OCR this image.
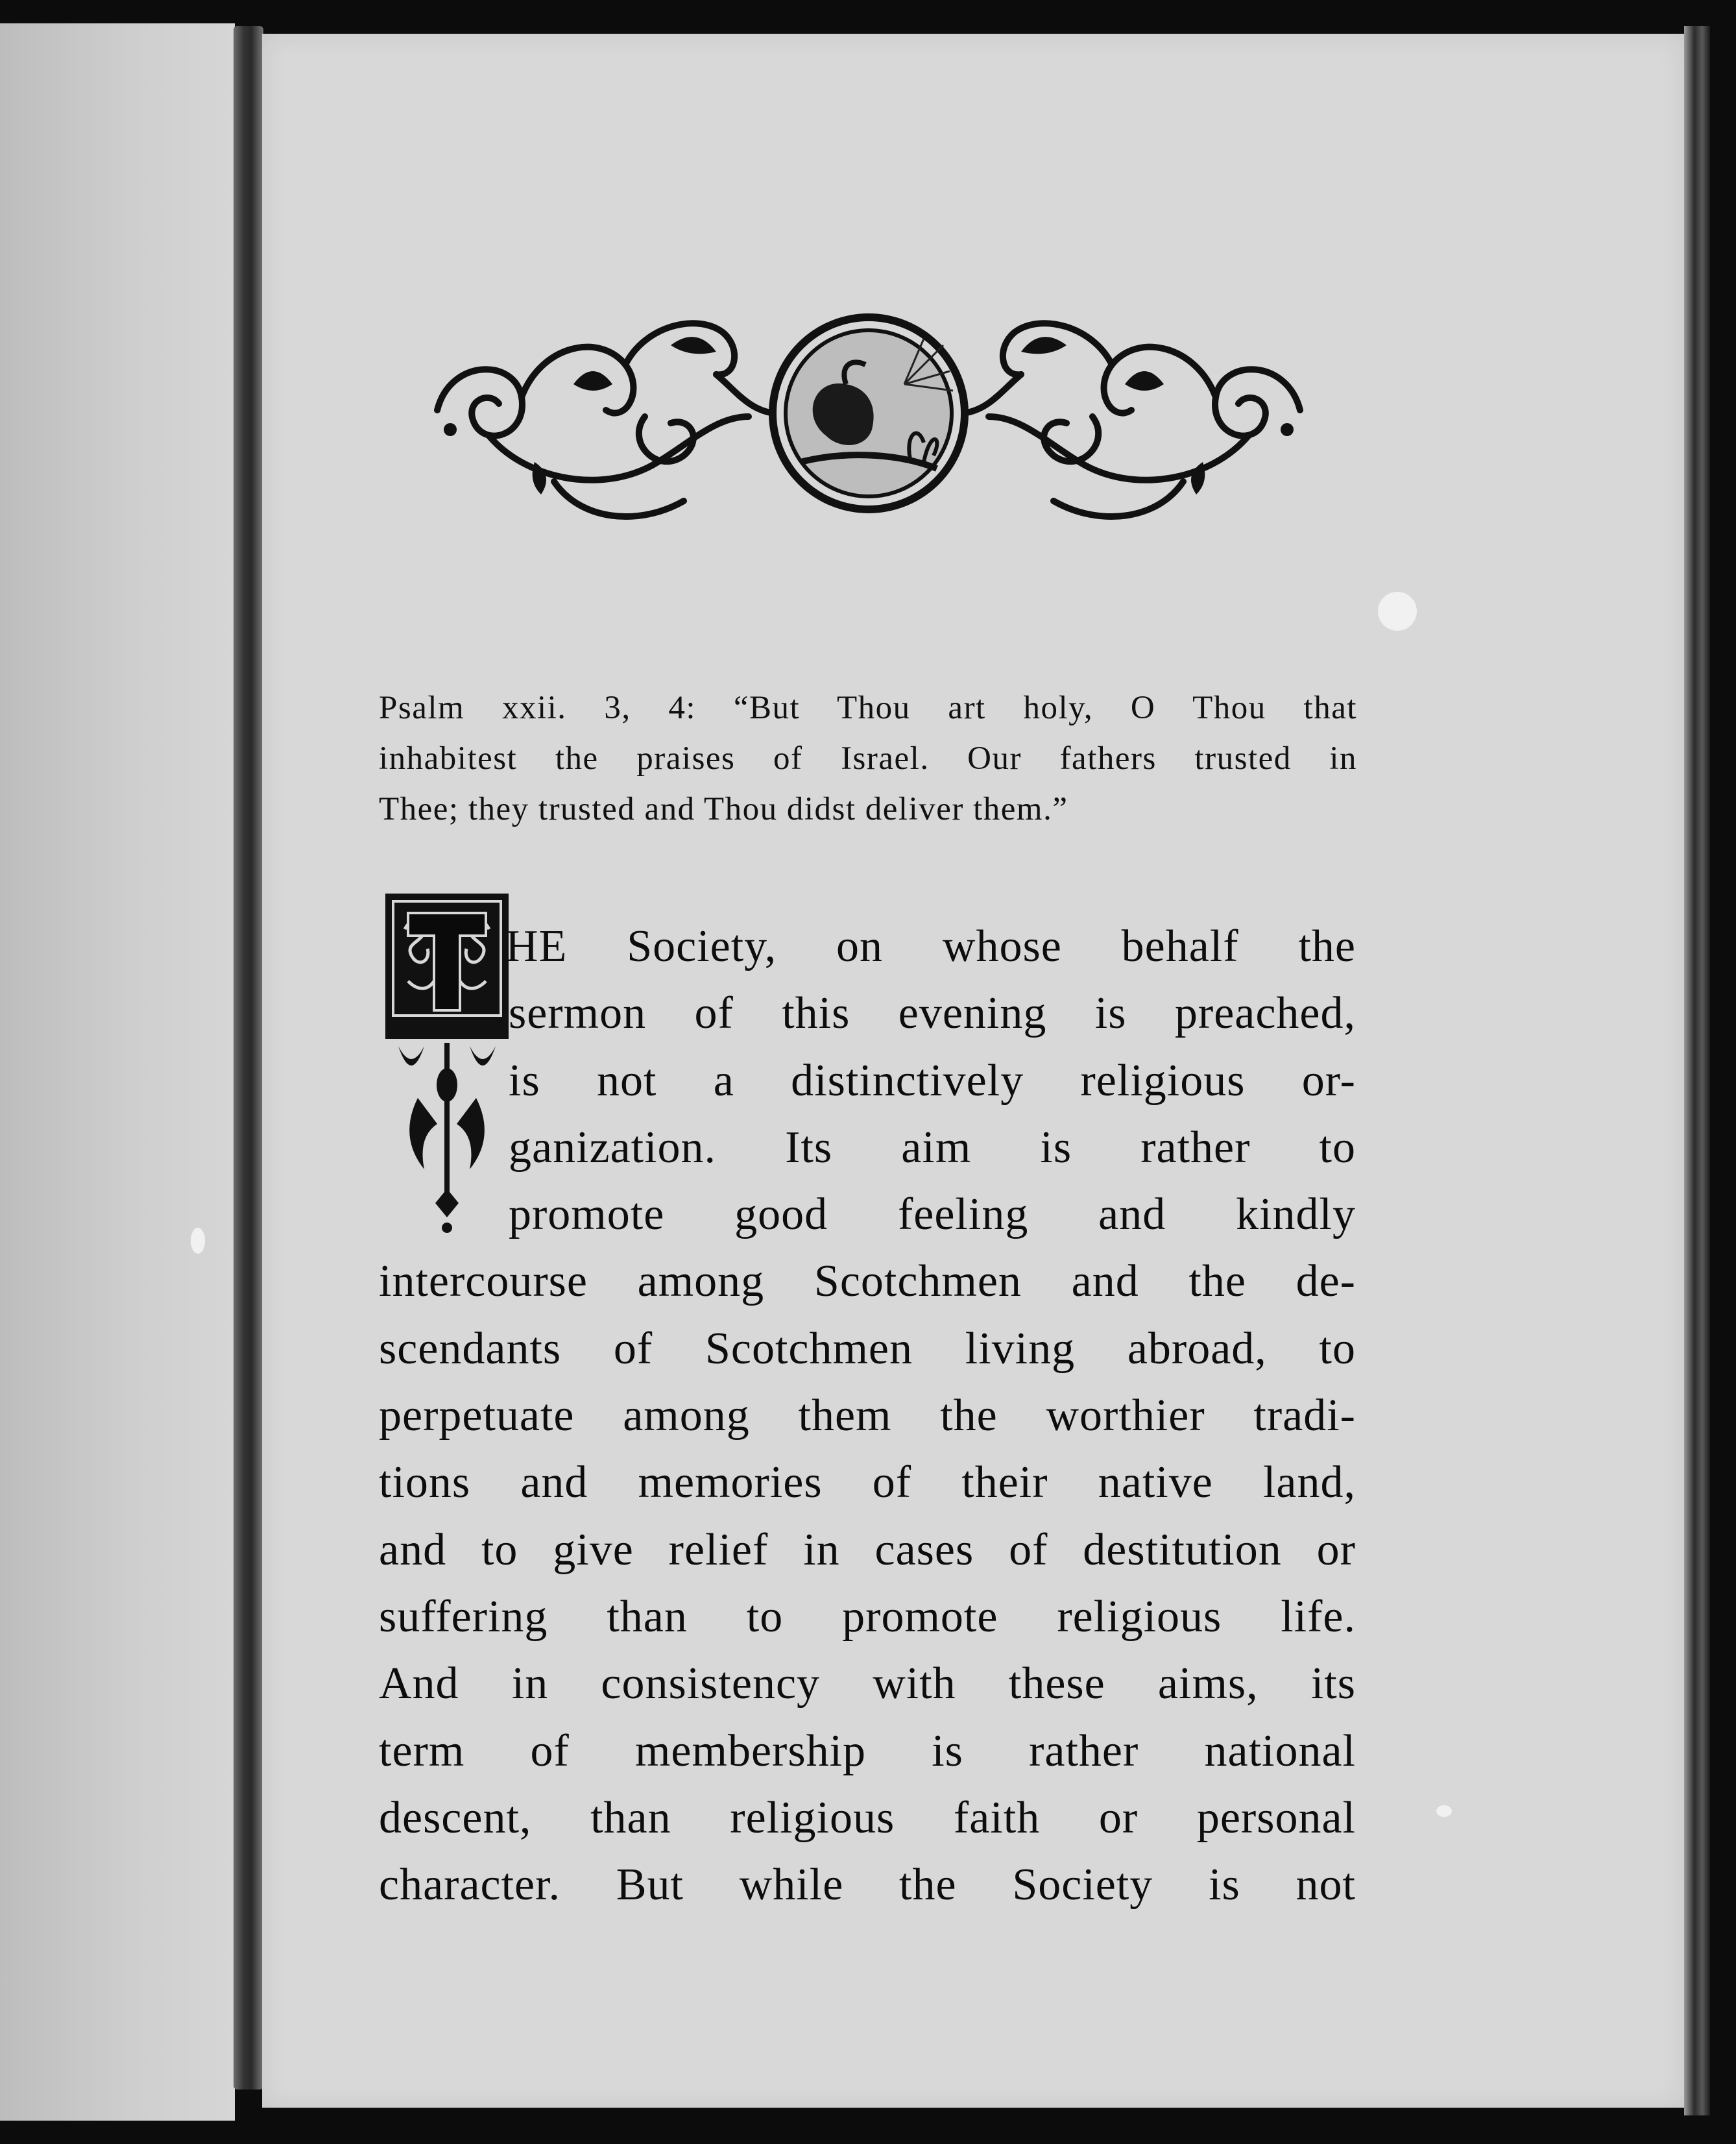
Psalm xxii. 3, 4: “But Thou art holy, O Thou that
inhabitest the praises of Israel. Our fathers trusted in
Thee; they trusted and Thou didst deliver them.”
HE Society, on whose behalf the
sermon of this evening is preached,
is not a distinctively religious or-
ganization. Its aim is rather to
promote good feeling and kindly
intercourse among Scotchmen and the de-
scendants of Scotchmen living abroad, to
perpetuate among them the worthier tradi-
tions and memories of their native land,
and to give relief in cases of destitution or
suffering than to promote religious life.
And in consistency with these aims, its
term of membership is rather national
descent, than religious faith or personal
character. But while the Society is not
